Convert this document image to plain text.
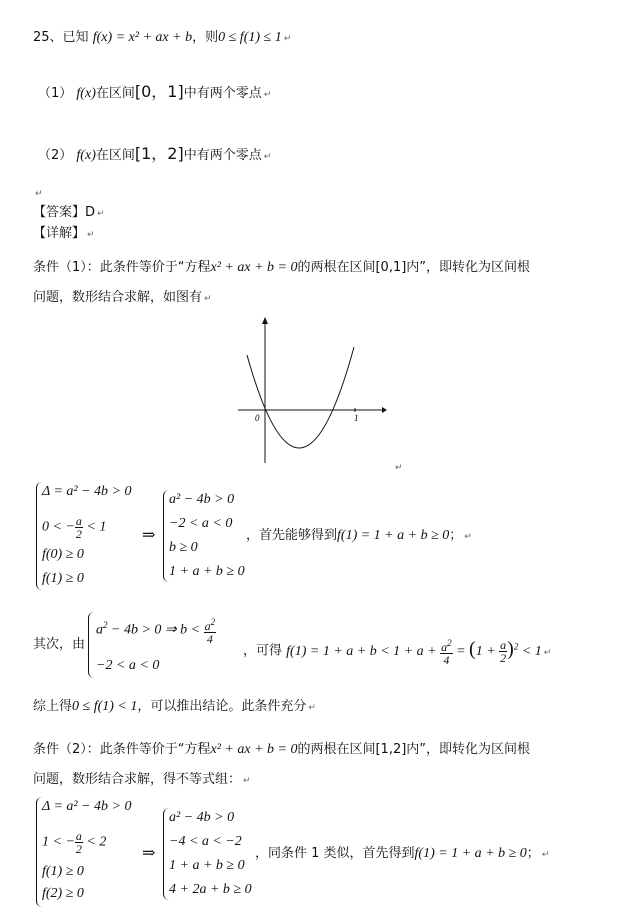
25、已知 f(x) = x² + ax + b，则0 ≤ f(1) ≤ 1 ↵
（1） f(x)在区间[0，1]中有两个零点 ↵
（2） f(x)在区间[1，2]中有两个零点 ↵
↵
【答案】D ↵
【详解】 ↵
条件（1）：此条件等价于“方程x² + ax + b = 0的两根在区间[0,1]内”，即转化为区间根
问题，数形结合求解，如图有 ↵
0	1
↵
Δ = a² − 4b > 0
0 < − $\frac{a}{2} < 1$
f(0) ≥ 0
f(1) ≥ 0
⇒
a² − 4b > 0
−2 < a < 0
b ≥ 0
1 + a + b ≥ 0
，首先能够得到f(1) = 1 + a + b ≥ 0； ↵
其次，由
$a^2 - 4b > 0$ ⇒ $b < \frac{a^2}{4}$
−2 < a < 0
，可得 $f(1) = 1 + a + b < 1 + a + \frac{a^2}{4} = (1 + \frac{a}{2} )^2 < 1$ ↵
综上得0 ≤ f(1) < 1，可以推出结论。此条件充分 ↵
条件（2）：此条件等价于“方程x² + ax + b = 0的两根在区间[1,2]内”，即转化为区间根
问题，数形结合求解，得不等式组： ↵
Δ = a² − 4b > 0
1 < − $\frac{a}{2} < 2$
f(1) ≥ 0
f(2) ≥ 0
⇒
a² − 4b > 0
−4 < a < −2
1 + a + b ≥ 0
4 + 2a + b ≥ 0
，同条件 1 类似，首先得到f(1) = 1 + a + b ≥ 0； ↵
